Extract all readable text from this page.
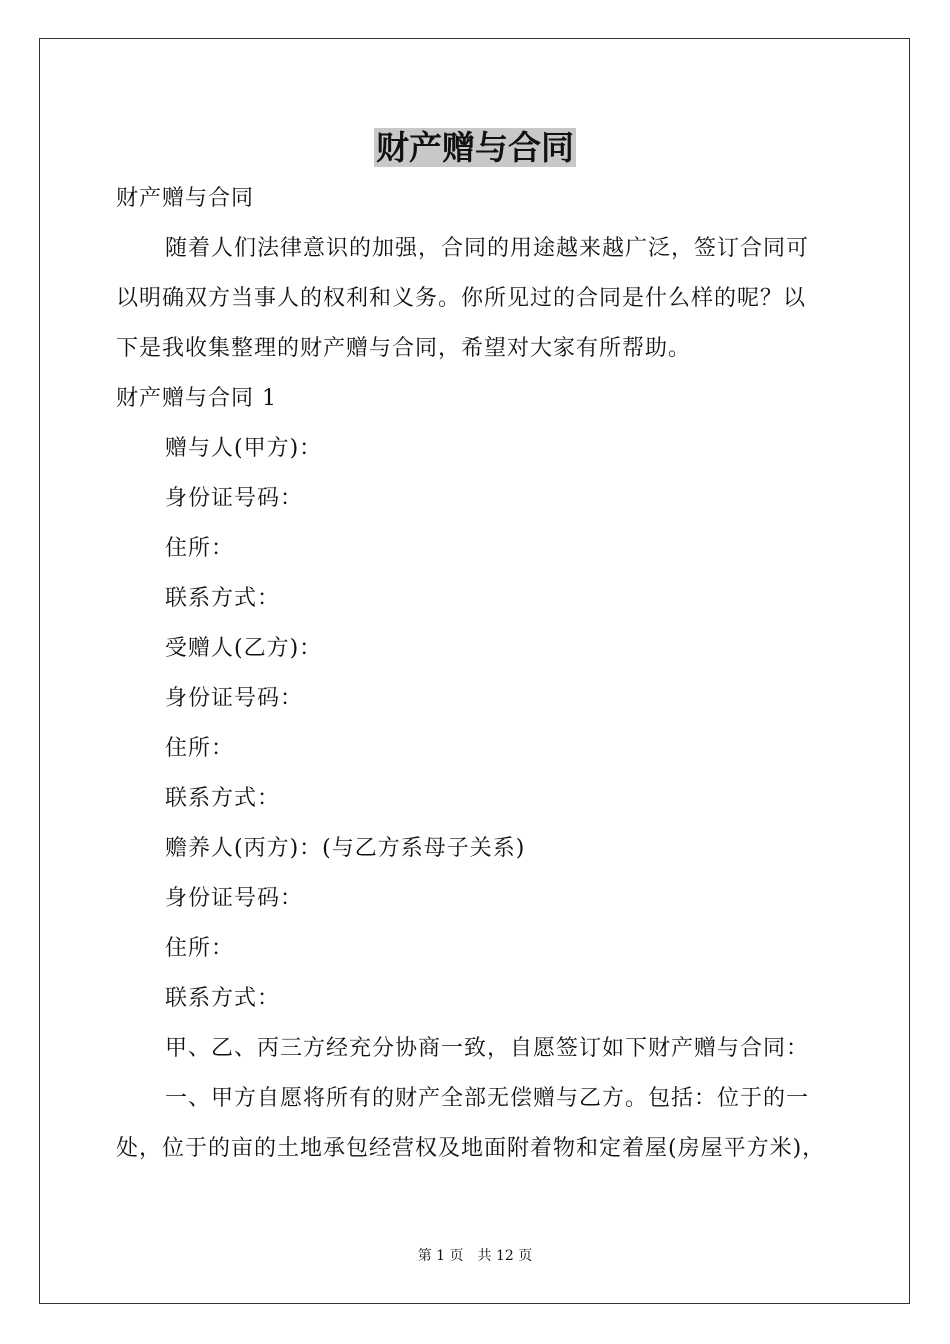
财产赠与合同
财产赠与合同
随着人们法律意识的加强，合同的用途越来越广泛，签订合同可
以明确双方当事人的权利和义务。你所见过的合同是什么样的呢？以
下是我收集整理的财产赠与合同，希望对大家有所帮助。
财产赠与合同 1
赠与人(甲方)：
身份证号码：
住所：
联系方式：
受赠人(乙方)：
身份证号码：
住所：
联系方式：
赡养人(丙方)：(与乙方系母子关系)
身份证号码：
住所：
联系方式：
甲、乙、丙三方经充分协商一致，自愿签订如下财产赠与合同：
一、甲方自愿将所有的财产全部无偿赠与乙方。包括：位于的一
处，位于的亩的土地承包经营权及地面附着物和定着屋(房屋平方米)，
第 1 页 共 12 页
